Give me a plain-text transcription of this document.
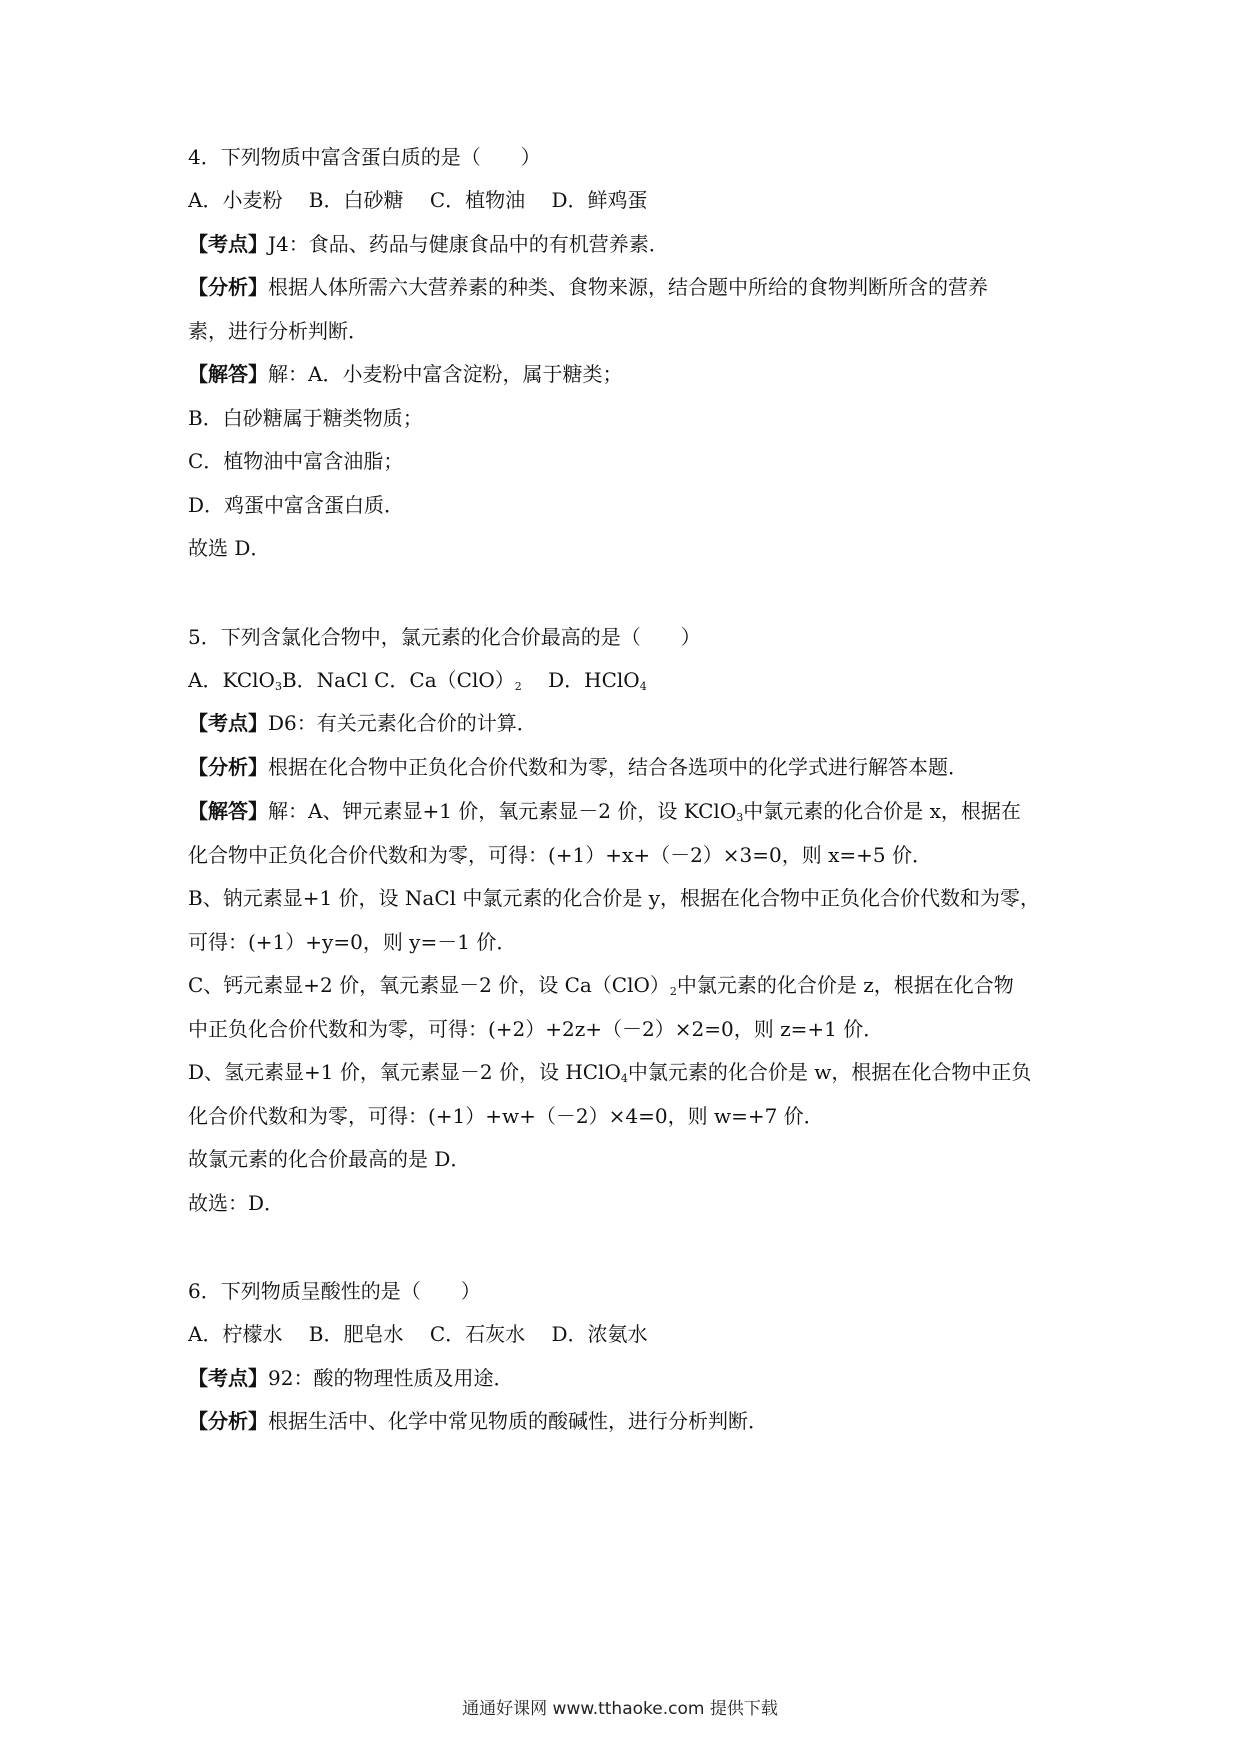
4．下列物质中富含蛋白质的是（　　）
A．小麦粉　 B．白砂糖　 C．植物油　 D．鲜鸡蛋
【考点】J4：食品、药品与健康食品中的有机营养素．
【分析】根据人体所需六大营养素的种类、食物来源，结合题中所给的食物判断所含的营养
素，进行分析判断．
【解答】解：A．小麦粉中富含淀粉，属于糖类；
B．白砂糖属于糖类物质；
C．植物油中富含油脂；
D．鸡蛋中富含蛋白质．
故选 D．
5．下列含氯化合物中，氯元素的化合价最高的是（　　）
A．KClO$_3$B．NaCl C．$Ca(ClO)_2$　 D．HClO$_4$
【考点】D6：有关元素化合价的计算．
【分析】根据在化合物中正负化合价代数和为零，结合各选项中的化学式进行解答本题．
【解答】解：A、钾元素显+1 价，氧元素显－2 价，设 KClO$_3$中氯元素的化合价是 x，根据在
化合物中正负化合价代数和为零，可得：(+1）+x+（－2）×3=0，则 x=+5 价．
B、钠元素显+1 价，设 NaCl 中氯元素的化合价是 y，根据在化合物中正负化合价代数和为零，
可得：(+1）+y=0，则 y=－1 价．
C、钙元素显+2 价，氧元素显－2 价，设 $Ca(ClO)_2$中氯元素的化合价是 z，根据在化合物
中正负化合价代数和为零，可得：(+2）+2z+（－2）×2=0，则 z=+1 价．
D、氢元素显+1 价，氧元素显－2 价，设 HClO$_4$中氯元素的化合价是 w，根据在化合物中正负
化合价代数和为零，可得：(+1）+w+（－2）×4=0，则 w=+7 价．
故氯元素的化合价最高的是 D．
故选：D．
6．下列物质呈酸性的是（　　）
A．柠檬水　 B．肥皂水　 C．石灰水　 D．浓氨水
【考点】92：酸的物理性质及用途．
【分析】根据生活中、化学中常见物质的酸碱性，进行分析判断．
通通好课网 www.tthaoke.com 提供下载
